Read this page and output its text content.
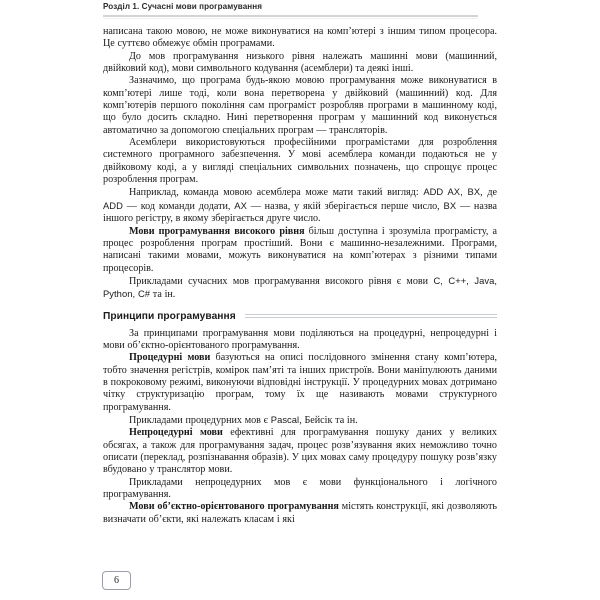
Розділ 1. Сучасні мови програмування

написана такою мовою, не може виконуватися на комп’ютері з іншим типом процесора. Це суттєво обмежує обмін програмами.

До мов програмування низького рівня належать машинні мови (машинний, двійковий код), мови символьного кодування (асемблери) та деякі інші.

Зазначимо, що програма будь-якою мовою програмування може виконуватися в комп’ютері лише тоді, коли вона перетворена у двійковий (машинний) код. Для комп’ютерів першого покоління сам програміст розробляв програми в машинному коді, що було досить складно. Нині перетворення програм у машинний код виконується автоматично за допомогою спеціальних програм — трансляторів.

Асемблери використовуються професійними програмістами для розроблення системного програмного забезпечення. У мові асемблера команди подаються не у двійковому коді, а у вигляді спеціальних символьних позначень, що спрощує процес розроблення програм.

Наприклад, команда мовою асемблера може мати такий вигляд: ADD AX, BX, де ADD — код команди додати, AX — назва, у якій зберігається перше число, BX — назва іншого регістру, в якому зберігається друге число.

Мови програмування високого рівня більш доступна і зрозуміла програмісту, а процес розроблення програм простіший. Вони є машинно-незалежними. Програми, написані такими мовами, можуть виконуватися на комп’ютерах з різними типами процесорів.

Прикладами сучасних мов програмування високого рівня є мови C, C++, Java, Python, C# та ін.

Принципи програмування

За принципами програмування мови поділяються на процедурні, непроцедурні і мови об’єктно-орієнтованого програмування.

Процедурні мови базуються на описі послідовного змінення стану комп’ютера, тобто значення регістрів, комірок пам’яті та інших пристроїв. Вони маніпулюють даними в покроковому режимі, виконуючи відповідні інструкції. У процедурних мовах дотримано чітку структуризацію програм, тому їх ще називають мовами структурного програмування.

Прикладами процедурних мов є Pascal, Бейсік та ін.

Непроцедурні мови ефективні для програмування пошуку даних у великих обсягах, а також для програмування задач, процес розв’язування яких неможливо точно описати (переклад, розпізнавання образів). У цих мовах саму процедуру пошуку розв’язку вбудовано у транслятор мови.

Прикладами непроцедурних мов є мови функціонального і логічного програмування.

Мови об’єктно-орієнтованого програмування містять конструкції, які дозволяють визначати об’єкти, які належать класам і які

6
